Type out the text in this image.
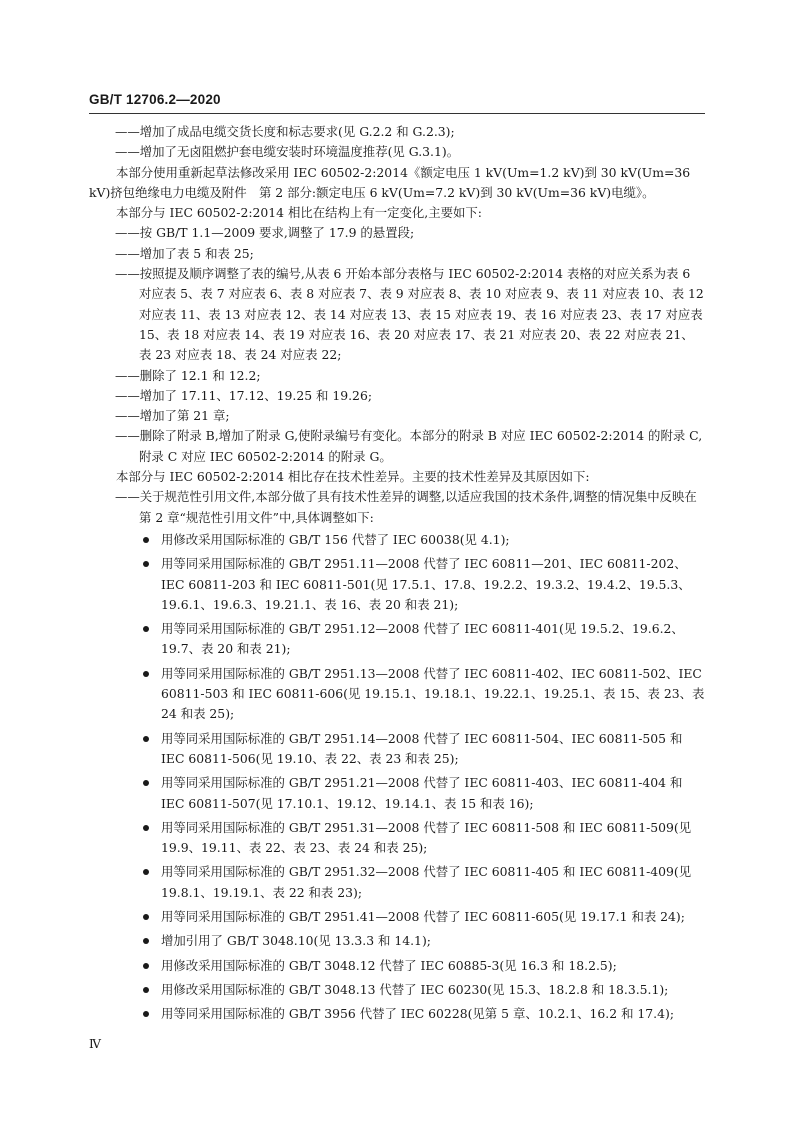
GB/T 12706.2—2020

——增加了成品电缆交货长度和标志要求(见 G.2.2 和 G.2.3);

——增加了无卤阻燃护套电缆安装时环境温度推荐(见 G.3.1)。

本部分使用重新起草法修改采用 IEC 60502-2:2014《额定电压 1 kV(Um=1.2 kV)到 30 kV(Um=36 kV)挤包绝缘电力电缆及附件　第 2 部分:额定电压 6 kV(Um=7.2 kV)到 30 kV(Um=36 kV)电缆》。

本部分与 IEC 60502-2:2014 相比在结构上有一定变化,主要如下:

——按 GB/T 1.1—2009 要求,调整了 17.9 的悬置段;

——增加了表 5 和表 25;

——按照提及顺序调整了表的编号,从表 6 开始本部分表格与 IEC 60502-2:2014 表格的对应关系为表 6 对应表 5、表 7 对应表 6、表 8 对应表 7、表 9 对应表 8、表 10 对应表 9、表 11 对应表 10、表 12 对应表 11、表 13 对应表 12、表 14 对应表 13、表 15 对应表 19、表 16 对应表 23、表 17 对应表 15、表 18 对应表 14、表 19 对应表 16、表 20 对应表 17、表 21 对应表 20、表 22 对应表 21、表 23 对应表 18、表 24 对应表 22;

——删除了 12.1 和 12.2;

——增加了 17.11、17.12、19.25 和 19.26;

——增加了第 21 章;

——删除了附录 B,增加了附录 G,使附录编号有变化。本部分的附录 B 对应 IEC 60502-2:2014 的附录 C,附录 C 对应 IEC 60502-2:2014 的附录 G。

本部分与 IEC 60502-2:2014 相比存在技术性差异。主要的技术性差异及其原因如下:

——关于规范性引用文件,本部分做了具有技术性差异的调整,以适应我国的技术条件,调整的情况集中反映在第 2 章“规范性引用文件”中,具体调整如下:

用修改采用国际标准的 GB/T 156 代替了 IEC 60038(见 4.1);
用等同采用国际标准的 GB/T 2951.11—2008 代替了 IEC 60811—201、IEC 60811-202、IEC 60811-203 和 IEC 60811-501(见 17.5.1、17.8、19.2.2、19.3.2、19.4.2、19.5.3、19.6.1、19.6.3、19.21.1、表 16、表 20 和表 21);
用等同采用国际标准的 GB/T 2951.12—2008 代替了 IEC 60811-401(见 19.5.2、19.6.2、19.7、表 20 和表 21);
用等同采用国际标准的 GB/T 2951.13—2008 代替了 IEC 60811-402、IEC 60811-502、IEC 60811-503 和 IEC 60811-606(见 19.15.1、19.18.1、19.22.1、19.25.1、表 15、表 23、表 24 和表 25);
用等同采用国际标准的 GB/T 2951.14—2008 代替了 IEC 60811-504、IEC 60811-505 和 IEC 60811-506(见 19.10、表 22、表 23 和表 25);
用等同采用国际标准的 GB/T 2951.21—2008 代替了 IEC 60811-403、IEC 60811-404 和 IEC 60811-507(见 17.10.1、19.12、19.14.1、表 15 和表 16);
用等同采用国际标准的 GB/T 2951.31—2008 代替了 IEC 60811-508 和 IEC 60811-509(见 19.9、19.11、表 22、表 23、表 24 和表 25);
用等同采用国际标准的 GB/T 2951.32—2008 代替了 IEC 60811-405 和 IEC 60811-409(见 19.8.1、19.19.1、表 22 和表 23);
用等同采用国际标准的 GB/T 2951.41—2008 代替了 IEC 60811-605(见 19.17.1 和表 24);
增加引用了 GB/T 3048.10(见 13.3.3 和 14.1);
用修改采用国际标准的 GB/T 3048.12 代替了 IEC 60885-3(见 16.3 和 18.2.5);
用修改采用国际标准的 GB/T 3048.13 代替了 IEC 60230(见 15.3、18.2.8 和 18.3.5.1);
用等同采用国际标准的 GB/T 3956 代替了 IEC 60228(见第 5 章、10.2.1、16.2 和 17.4);
Ⅳ
